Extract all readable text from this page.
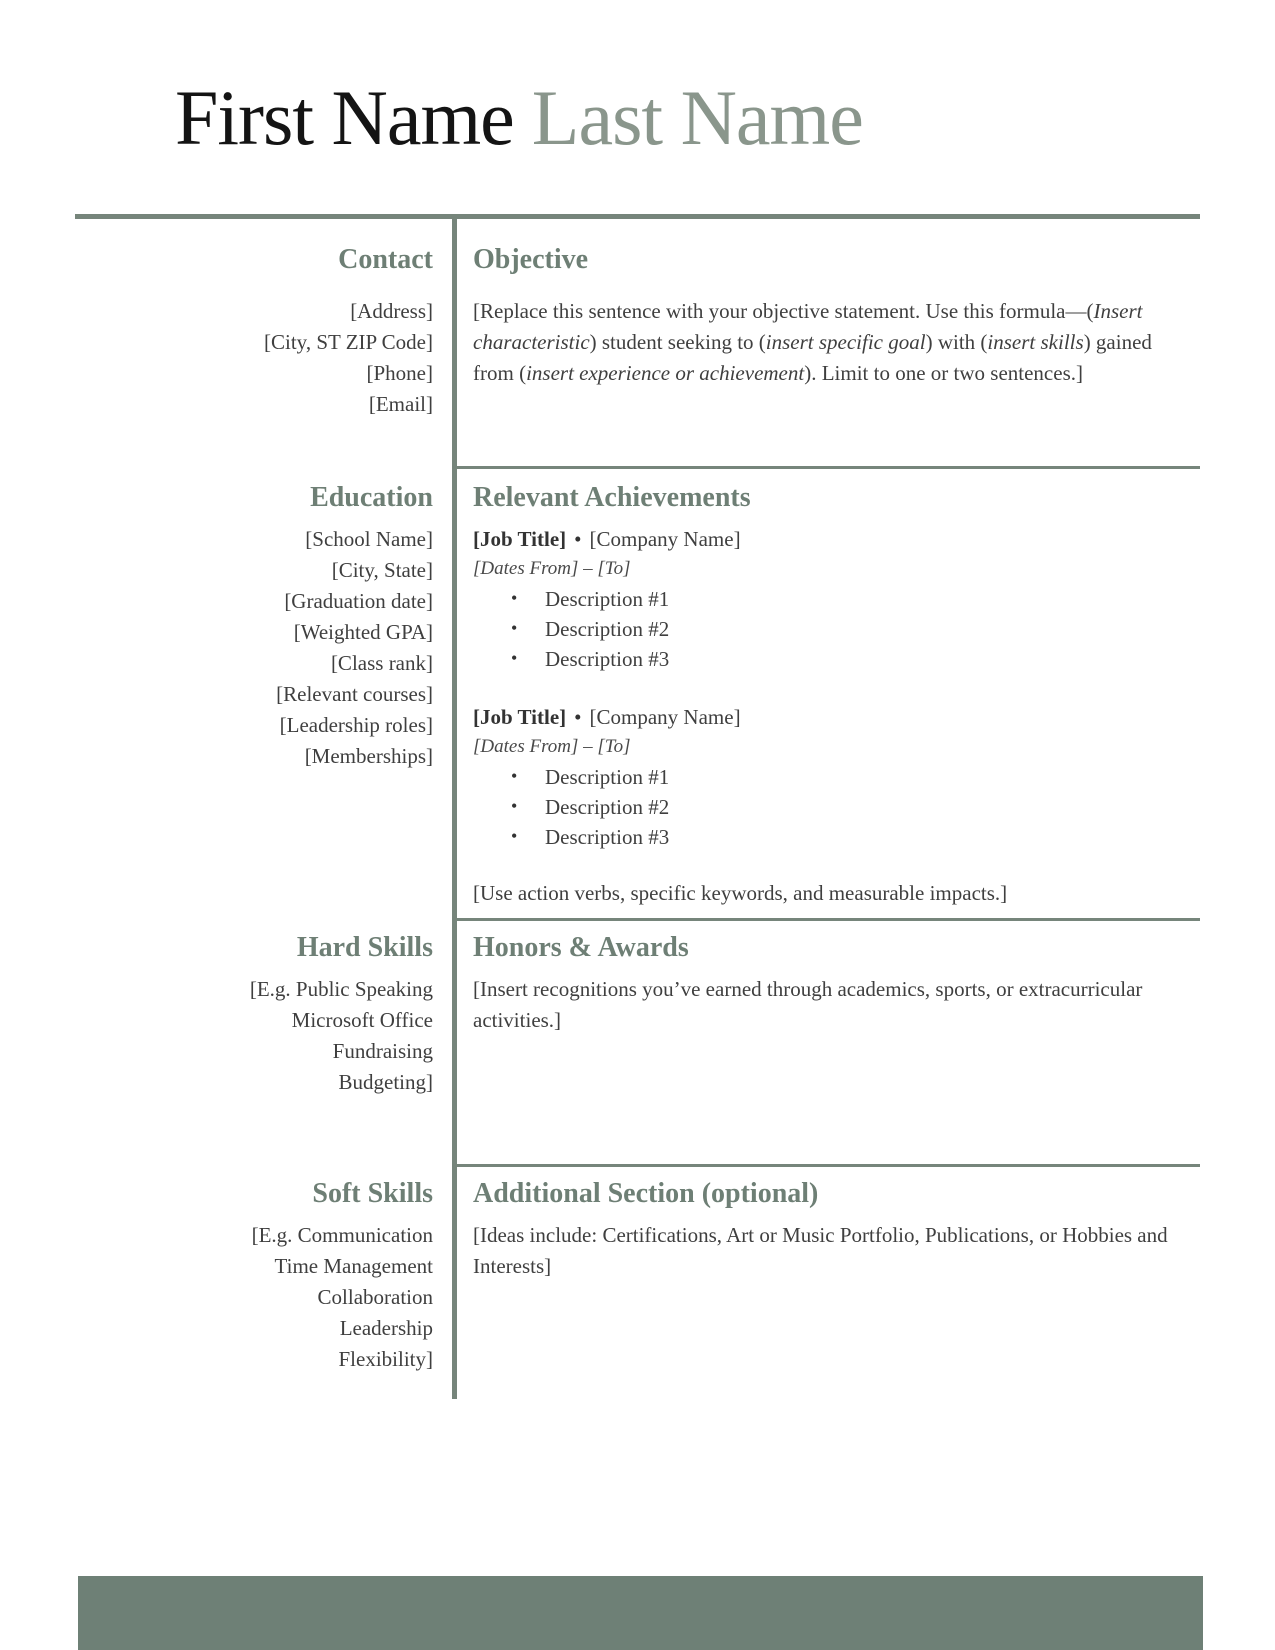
First Name Last Name
Contact
[Address]
[City, ST ZIP Code]
[Phone]
[Email]
Education
[School Name]
[City, State]
[Graduation date]
[Weighted GPA]
[Class rank]
[Relevant courses]
[Leadership roles]
[Memberships]
Hard Skills
[E.g. Public Speaking
Microsoft Office
Fundraising
Budgeting]
Soft Skills
[E.g. Communication
Time Management
Collaboration
Leadership
Flexibility]
Objective

[Replace this sentence with your objective statement. Use this formula—(Insert characteristic) student seeking to (insert specific goal) with (insert skills) gained from (insert experience or achievement). Limit to one or two sentences.]

Relevant Achievements
[Job Title] • [Company Name]
[Dates From] – [To]
• Description #1
• Description #2
• Description #3
[Job Title] • [Company Name]
[Dates From] – [To]
• Description #1
• Description #2
• Description #3

[Use action verbs, specific keywords, and measurable impacts.]

Honors & Awards

[Insert recognitions you’ve earned through academics, sports, or extracurricular activities.]

Additional Section (optional)

[Ideas include: Certifications, Art or Music Portfolio, Publications, or Hobbies and Interests]
